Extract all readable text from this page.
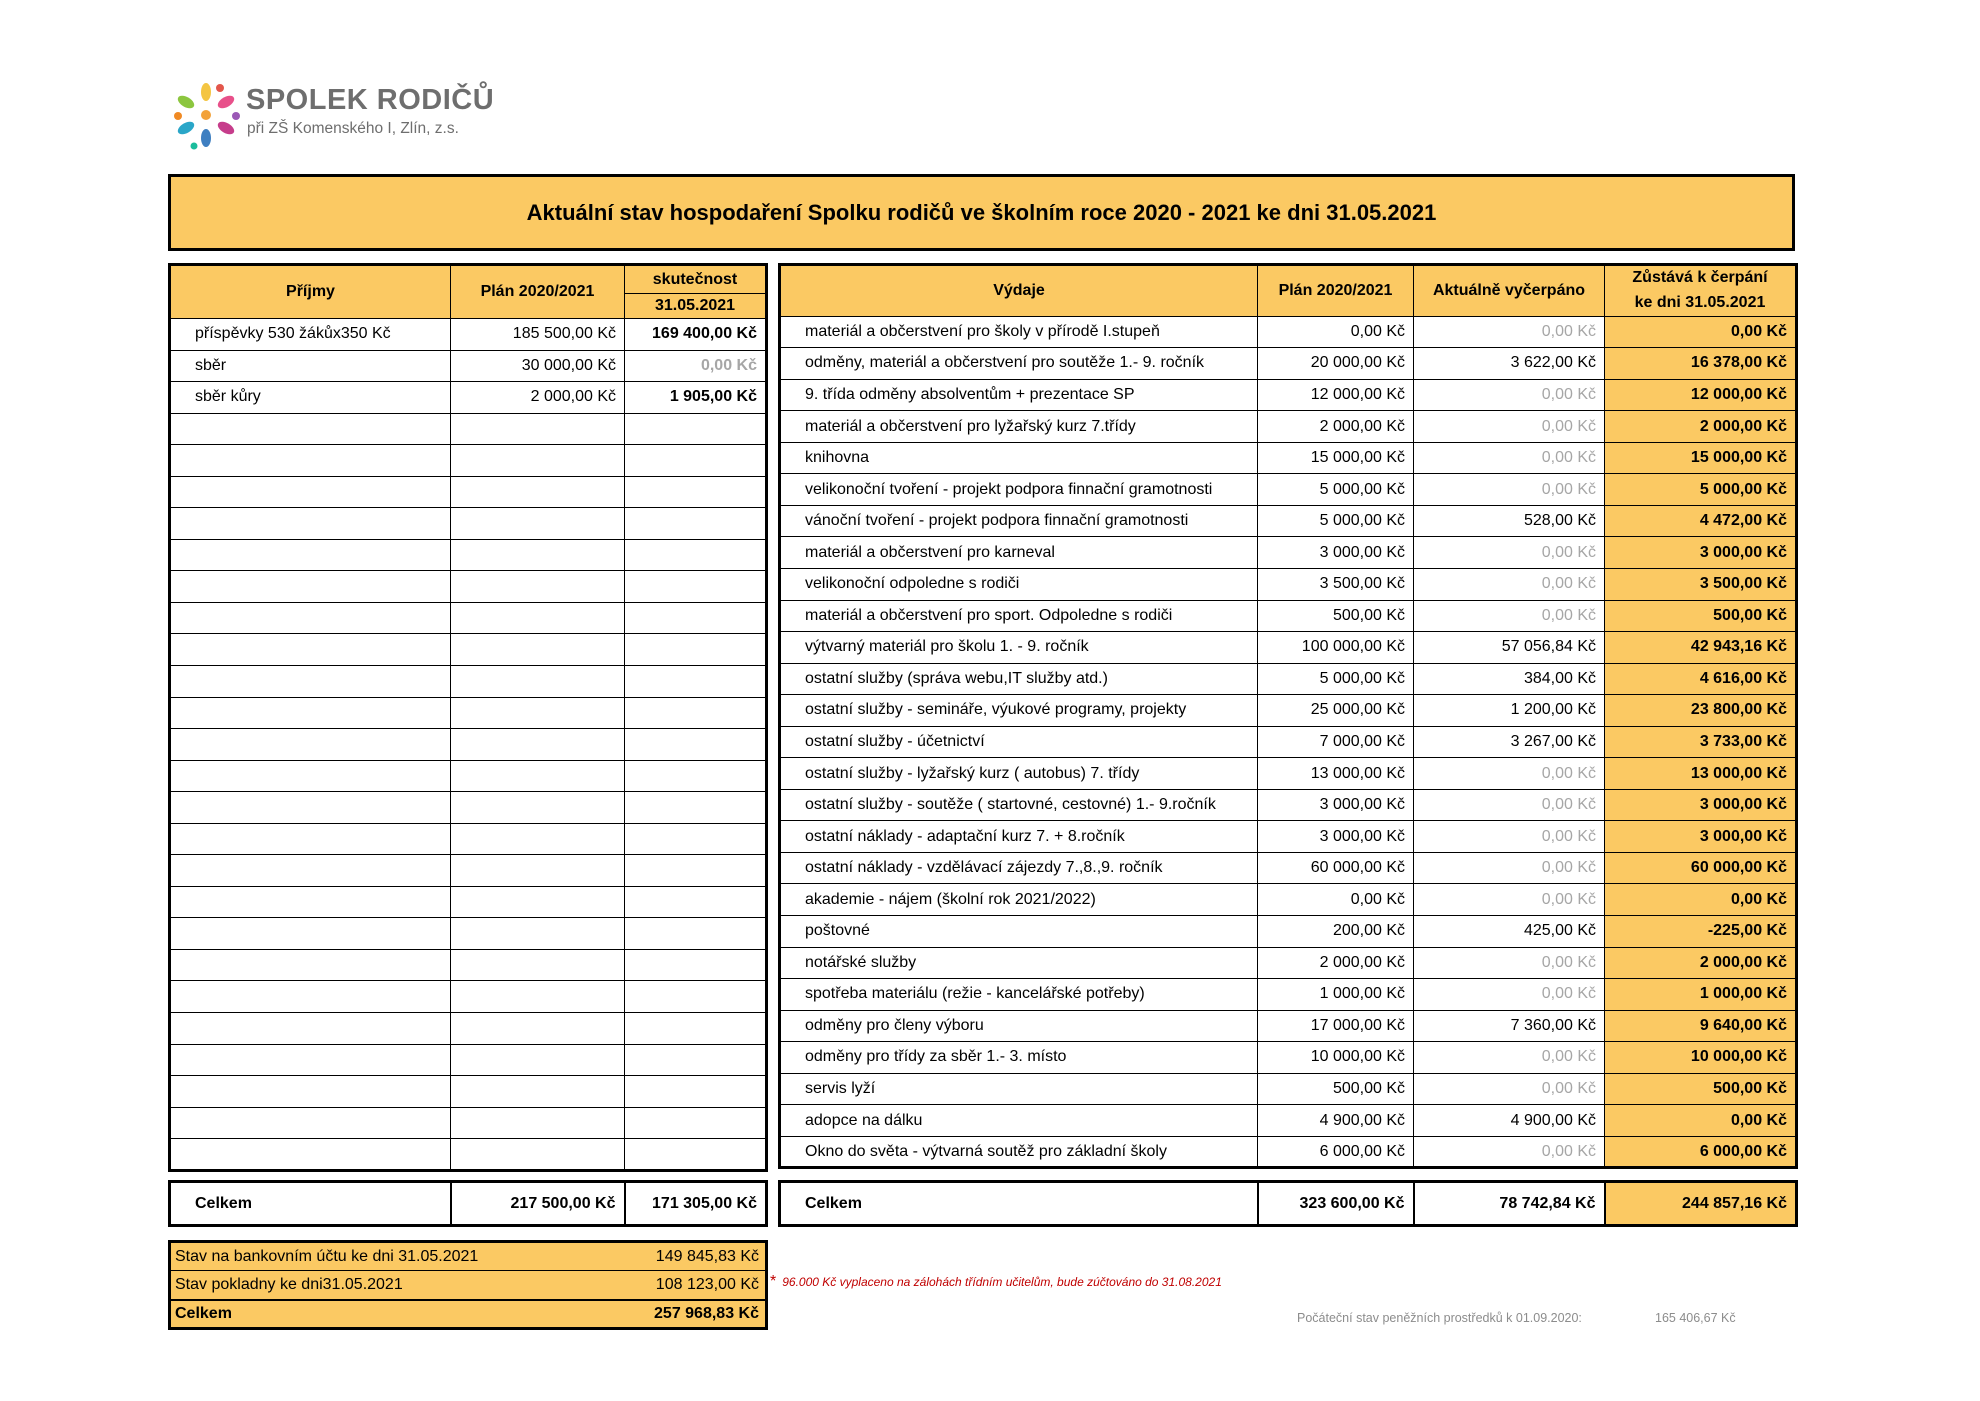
SPOLEK RODIČŮ
při ZŠ Komenského I, Zlín, z.s.
Aktuální stav hospodaření Spolku rodičů ve školním roce 2020 - 2021 ke dni 31.05.2021
Příjmy	Plán 2020/2021	skutečnost
		31.05.2021
příspěvky 530 žákůx350 Kč	185 500,00 Kč	169 400,00 Kč
sběr	30 000,00 Kč	0,00 Kč
sběr kůry	2 000,00 Kč	1 905,00 Kč

Výdaje	Plán 2020/2021	Aktuálně vyčerpáno	Zůstává k čerpání
ke dni 31.05.2021
materiál a občerstvení pro školy v přírodě I.stupeň	0,00 Kč	0,00 Kč	0,00 Kč
odměny, materiál a občerstvení pro soutěže 1.- 9. ročník	20 000,00 Kč	3 622,00 Kč	16 378,00 Kč
9. třída odměny absolventům + prezentace SP	12 000,00 Kč	0,00 Kč	12 000,00 Kč
materiál a občerstvení pro lyžařský kurz 7.třídy	2 000,00 Kč	0,00 Kč	2 000,00 Kč
knihovna	15 000,00 Kč	0,00 Kč	15 000,00 Kč
velikonoční tvoření - projekt podpora finnační gramotnosti	5 000,00 Kč	0,00 Kč	5 000,00 Kč
vánoční tvoření - projekt podpora finnační gramotnosti	5 000,00 Kč	528,00 Kč	4 472,00 Kč
materiál a občerstvení pro karneval	3 000,00 Kč	0,00 Kč	3 000,00 Kč
velikonoční odpoledne s rodiči	3 500,00 Kč	0,00 Kč	3 500,00 Kč
materiál a občerstvení pro sport. Odpoledne s rodiči	500,00 Kč	0,00 Kč	500,00 Kč
výtvarný materiál pro školu 1. - 9. ročník	100 000,00 Kč	57 056,84 Kč	42 943,16 Kč
ostatní služby (správa webu,IT služby atd.)	5 000,00 Kč	384,00 Kč	4 616,00 Kč
ostatní služby - semináře, výukové programy, projekty	25 000,00 Kč	1 200,00 Kč	23 800,00 Kč
ostatní služby - účetnictví	7 000,00 Kč	3 267,00 Kč	3 733,00 Kč
ostatní služby - lyžařský kurz ( autobus) 7. třídy	13 000,00 Kč	0,00 Kč	13 000,00 Kč
ostatní služby - soutěže ( startovné, cestovné) 1.- 9.ročník	3 000,00 Kč	0,00 Kč	3 000,00 Kč
ostatní náklady - adaptační kurz 7. + 8.ročník	3 000,00 Kč	0,00 Kč	3 000,00 Kč
ostatní náklady - vzdělávací zájezdy 7.,8.,9. ročník	60 000,00 Kč	0,00 Kč	60 000,00 Kč
akademie - nájem (školní rok 2021/2022)	0,00 Kč	0,00 Kč	0,00 Kč
poštovné	200,00 Kč	425,00 Kč	-225,00 Kč
notářské služby	2 000,00 Kč	0,00 Kč	2 000,00 Kč
spotřeba materiálu (režie - kancelářské potřeby)	1 000,00 Kč	0,00 Kč	1 000,00 Kč
odměny pro členy výboru	17 000,00 Kč	7 360,00 Kč	9 640,00 Kč
odměny pro třídy za sběr 1.- 3. místo	10 000,00 Kč	0,00 Kč	10 000,00 Kč
servis lyží	500,00 Kč	0,00 Kč	500,00 Kč
adopce na dálku	4 900,00 Kč	4 900,00 Kč	0,00 Kč
Okno do světa - výtvarná soutěž pro základní školy	6 000,00 Kč	0,00 Kč	6 000,00 Kč
Celkem	217 500,00 Kč	171 305,00 Kč	Celkem	323 600,00 Kč	78 742,84 Kč	244 857,16 Kč
Stav na bankovním účtu ke dni 31.05.2021	149 845,83 Kč
Stav pokladny ke dni31.05.2021	108 123,00 Kč
Celkem	257 968,83 Kč
* 96.000 Kč vyplaceno na zálohách třídním učitelům, bude zúčtováno do 31.08.2021
Počáteční stav peněžních prostředků k 01.09.2020:	165 406,67 Kč
